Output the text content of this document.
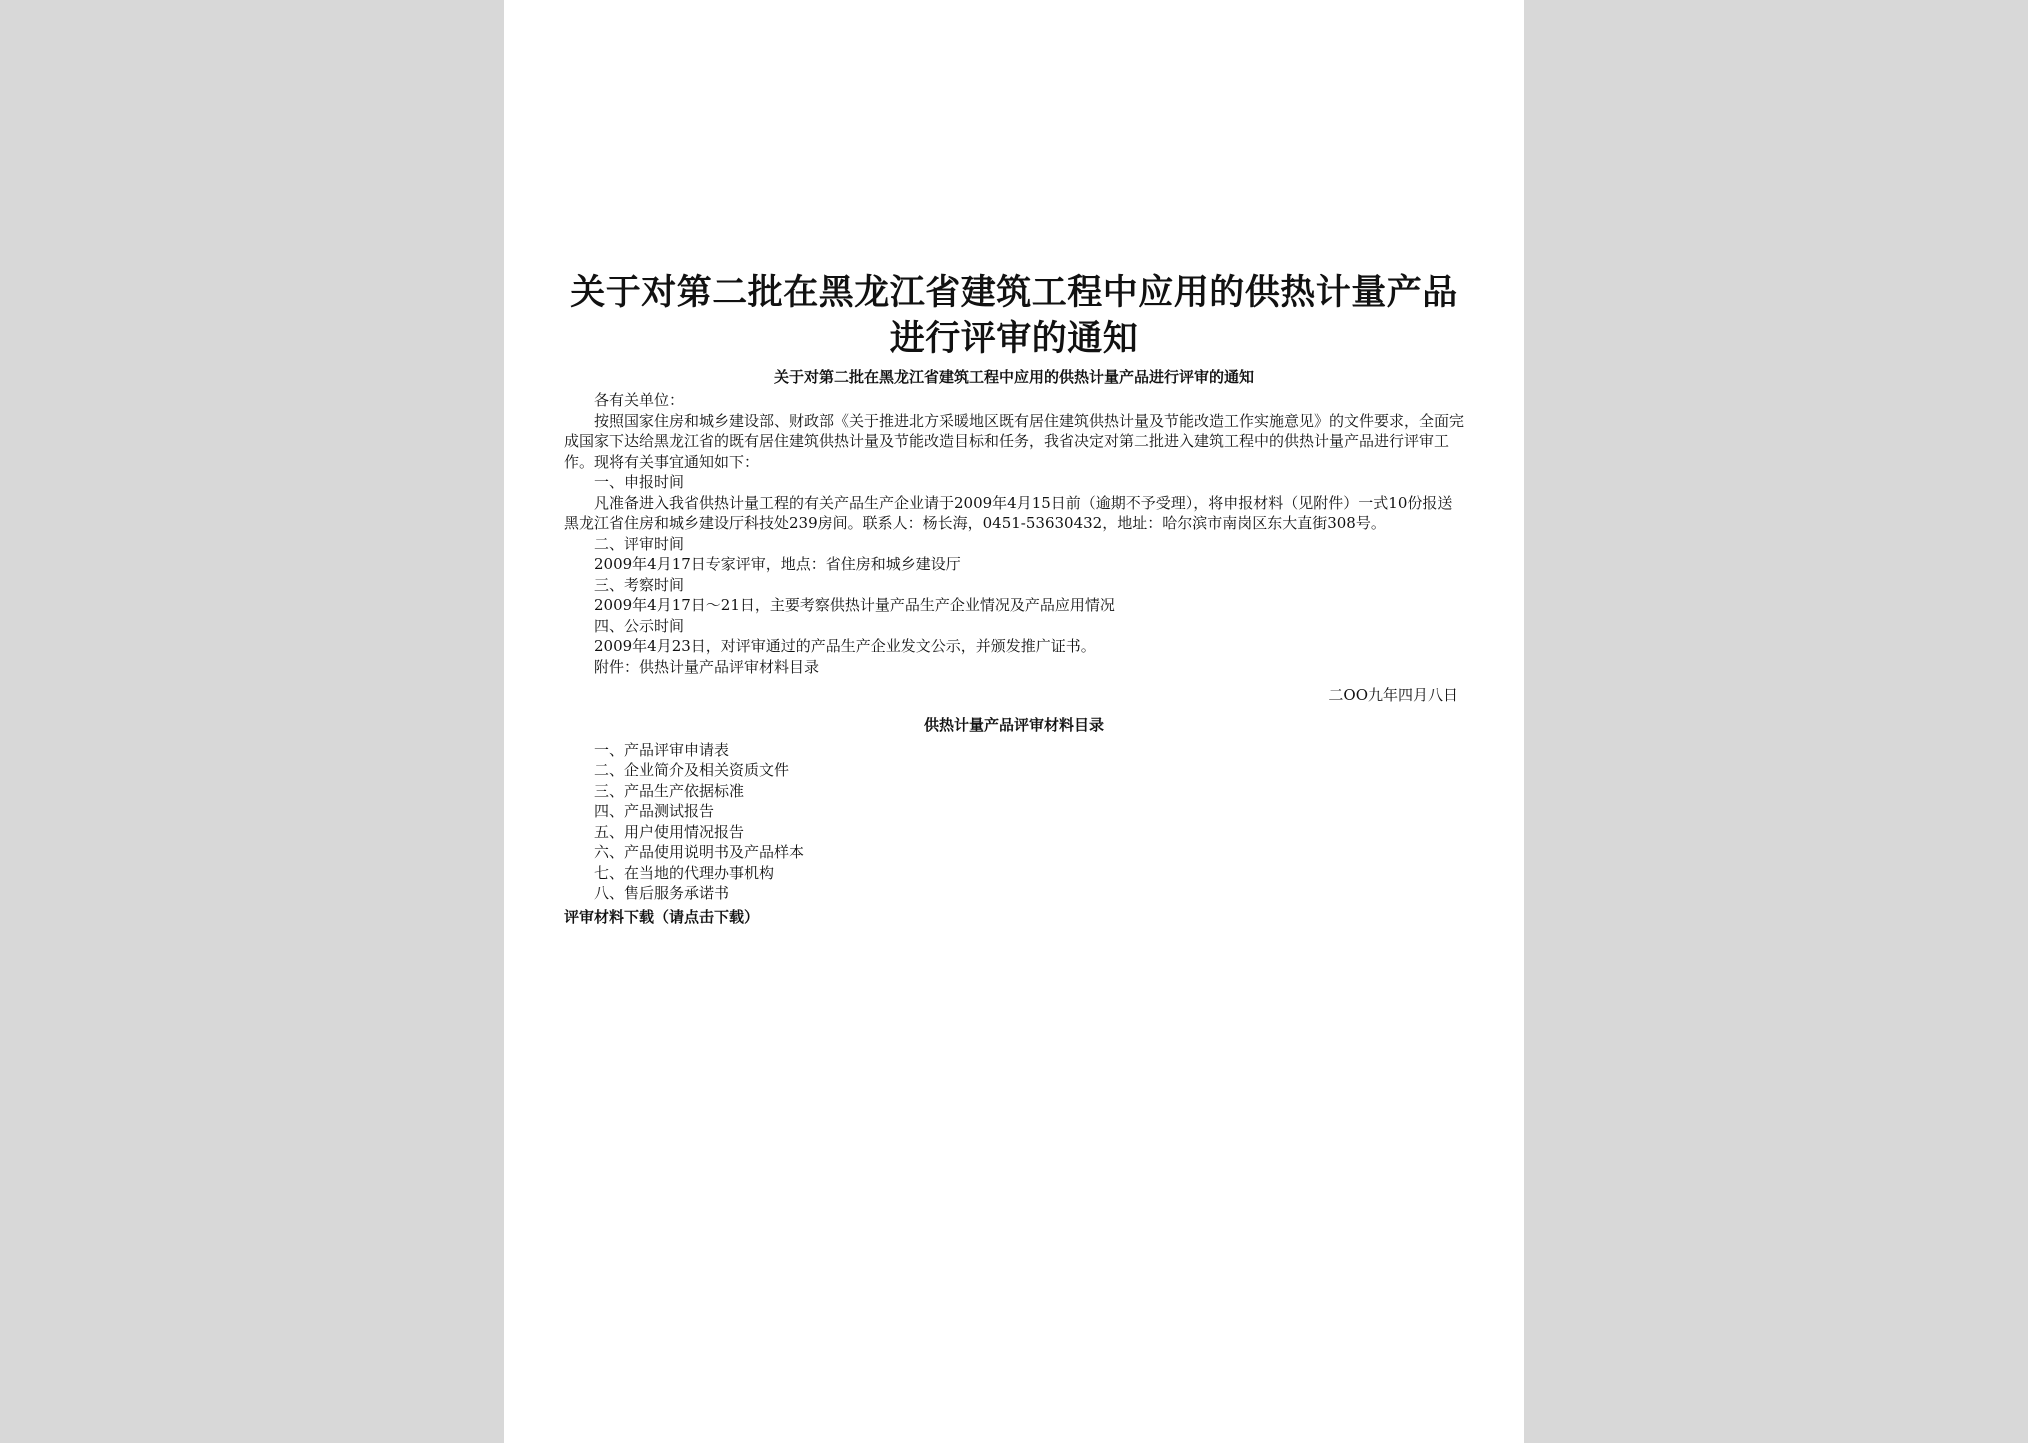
关于对第二批在黑龙江省建筑工程中应用的供热计量产品进行评审的通知
关于对第二批在黑龙江省建筑工程中应用的供热计量产品进行评审的通知

各有关单位：

按照国家住房和城乡建设部、财政部《关于推进北方采暖地区既有居住建筑供热计量及节能改造工作实施意见》的文件要求，全面完成国家下达给黑龙江省的既有居住建筑供热计量及节能改造目标和任务，我省决定对第二批进入建筑工程中的供热计量产品进行评审工作。现将有关事宜通知如下：

一、申报时间

凡准备进入我省供热计量工程的有关产品生产企业请于2009年4月15日前（逾期不予受理），将申报材料（见附件）一式10份报送黑龙江省住房和城乡建设厅科技处239房间。联系人：杨长海，0451-53630432，地址：哈尔滨市南岗区东大直街308号。

二、评审时间

2009年4月17日专家评审，地点：省住房和城乡建设厅

三、考察时间

2009年4月17日～21日，主要考察供热计量产品生产企业情况及产品应用情况

四、公示时间

2009年4月23日，对评审通过的产品生产企业发文公示，并颁发推广证书。

附件：供热计量产品评审材料目录

二OO九年四月八日

供热计量产品评审材料目录
一、产品评审申请表
二、企业简介及相关资质文件
三、产品生产依据标准
四、产品测试报告
五、用户使用情况报告
六、产品使用说明书及产品样本
七、在当地的代理办事机构
八、售后服务承诺书
评审材料下载（请点击下载）
